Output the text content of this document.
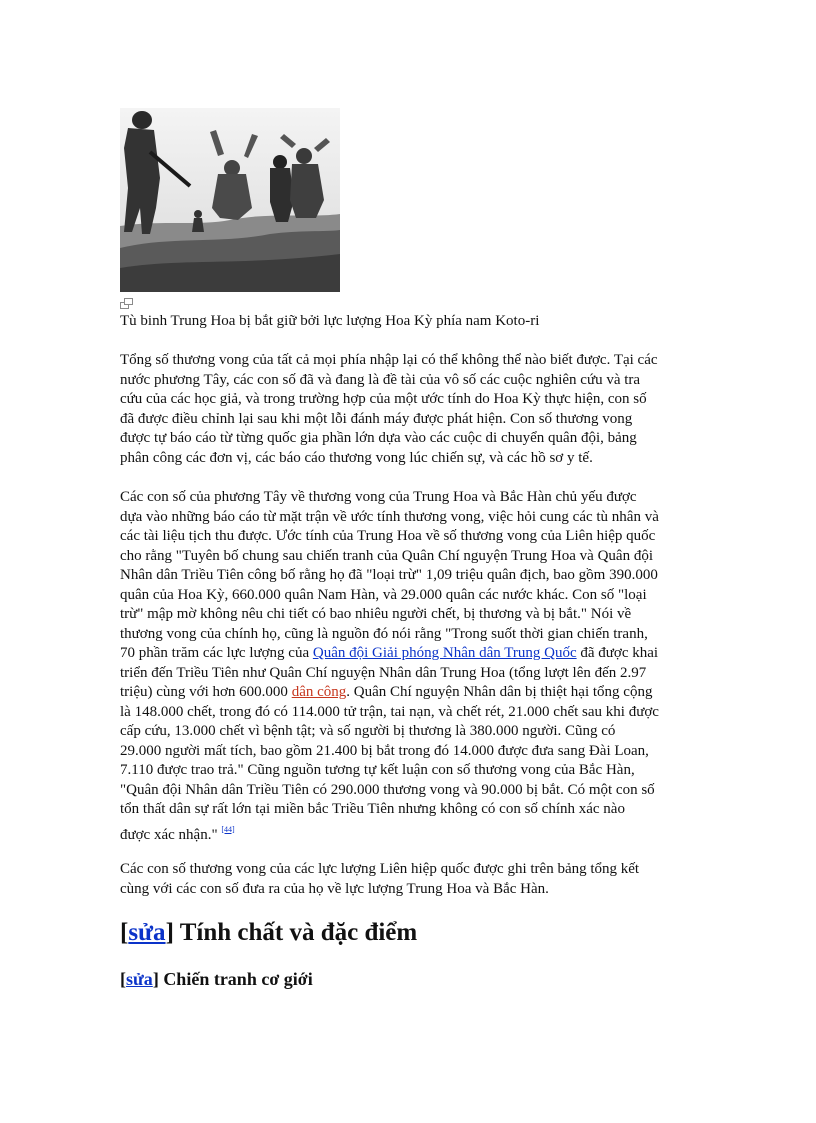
Tù binh Trung Hoa bị bắt giữ bởi lực lượng Hoa Kỳ phía nam Koto-ri

Tổng số thương vong của tất cả mọi phía nhập lại có thể không thể nào biết được. Tại các
nước phương Tây, các con số đã và đang là đề tài của vô số các cuộc nghiên cứu và tra
cứu của các học giả, và trong trường hợp của một ước tính do Hoa Kỳ thực hiện, con số
đã được điều chỉnh lại sau khi một lỗi đánh máy được phát hiện. Con số thương vong
được tự báo cáo từ từng quốc gia phần lớn dựa vào các cuộc di chuyển quân đội, bảng
phân công các đơn vị, các báo cáo thương vong lúc chiến sự, và các hồ sơ y tế.

Các con số của phương Tây về thương vong của Trung Hoa và Bắc Hàn chủ yếu được
dựa vào những báo cáo từ mặt trận về ước tính thương vong, việc hỏi cung các tù nhân và
các tài liệu tịch thu được. Ước tính của Trung Hoa về số thương vong của Liên hiệp quốc
cho rằng "Tuyên bố chung sau chiến tranh của Quân Chí nguyện Trung Hoa và Quân đội
Nhân dân Triều Tiên công bố rằng họ đã "loại trừ" 1,09 triệu quân địch, bao gồm 390.000
quân của Hoa Kỳ, 660.000 quân Nam Hàn, và 29.000 quân các nước khác. Con số "loại
trừ" mập mờ không nêu chi tiết có bao nhiêu người chết, bị thương và bị bắt." Nói về
thương vong của chính họ, cũng là nguồn đó nói rằng "Trong suốt thời gian chiến tranh,
70 phần trăm các lực lượng của Quân đội Giải phóng Nhân dân Trung Quốc đã được khai
triển đến Triều Tiên như Quân Chí nguyện Nhân dân Trung Hoa (tổng lượt lên đến 2.97
triệu) cùng với hơn 600.000 dân công. Quân Chí nguyện Nhân dân bị thiệt hại tổng cộng
là 148.000 chết, trong đó có 114.000 tử trận, tai nạn, và chết rét, 21.000 chết sau khi được
cấp cứu, 13.000 chết vì bệnh tật; và số người bị thương là 380.000 người. Cũng có
29.000 người mất tích, bao gồm 21.400 bị bắt trong đó 14.000 được đưa sang Đài Loan,
7.110 được trao trả." Cũng nguồn tương tự kết luận con số thương vong của Bắc Hàn,
"Quân đội Nhân dân Triều Tiên có 290.000 thương vong và 90.000 bị bắt. Có một con số
tổn thất dân sự rất lớn tại miền bắc Triều Tiên nhưng không có con số chính xác nào
được xác nhận." [44]

Các con số thương vong của các lực lượng Liên hiệp quốc được ghi trên bảng tổng kết
cùng với các con số đưa ra của họ về lực lượng Trung Hoa và Bắc Hàn.

[sửa] Tính chất và đặc điểm
[sửa] Chiến tranh cơ giới
